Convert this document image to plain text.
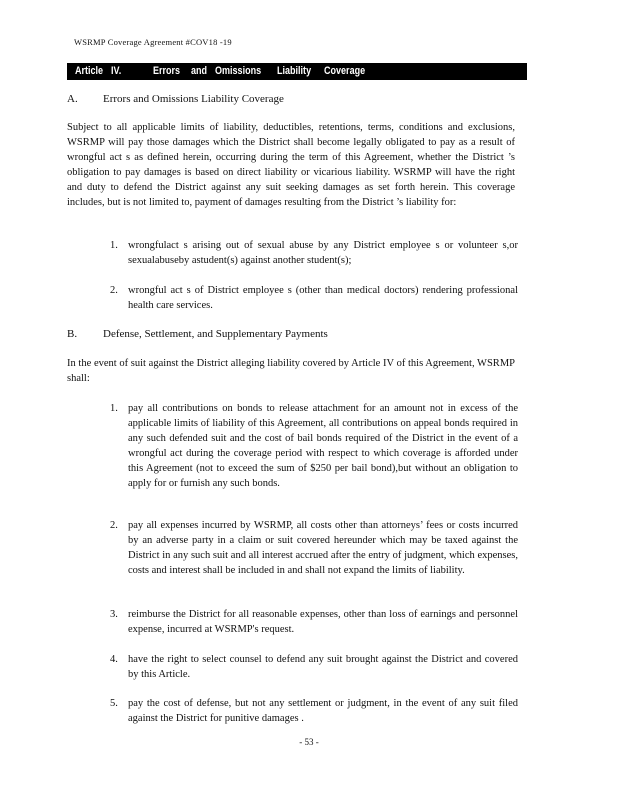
WSRMP Coverage Agreement #COV18 -19

Article

IV.

	Errors

and

Omissions

Liability

Coverage

A. Errors and Omissions Liability Coverage
Subject to all applicable limits of liability, deductibles, retentions, terms, conditions and exclusions, WSRMP will pay those damages which the District shall become legally obligated to pay as a result of wrongful act s as defined herein, occurring during the term of this Agreement, whether the District ’s obligation to pay damages is based on direct liability or vicarious liability. WSRMP will have the right and duty to defend the District against any suit seeking damages as set forth herein. This coverage includes, but is not limited to, payment of damages resulting from the District ’s liability for:
1. wrongfulact s arising out of sexual abuse by any District employee s or volunteer s,or sexualabuseby astudent(s) against another student(s);
2. wrongful act s of District employee s (other than medical doctors) rendering professional health care services.
B. Defense, Settlement, and Supplementary Payments
In the event of suit against the District alleging liability covered by Article IV of this Agreement, WSRMP shall:
1. pay all contributions on bonds to release attachment for an amount not in excess of the applicable limits of liability of this Agreement, all contributions on appeal bonds required in any such defended suit and the cost of bail bonds required of the District in the event of a wrongful act during the coverage period with respect to which coverage is afforded under this Agreement (not to exceed the sum of $250 per bail bond),but without an obligation to apply for or furnish any such bonds.
2. pay all expenses incurred by WSRMP, all costs other than attorneys’ fees or costs incurred by an adverse party in a claim or suit covered hereunder which may be taxed against the District in any such suit and all interest accrued after the entry of judgment, which expenses, costs and interest shall be included in and shall not expand the limits of liability.
3. reimburse the District for all reasonable expenses, other than loss of earnings and personnel expense, incurred at WSRMP's request.
4. have the right to select counsel to defend any suit brought against the District and covered by this Article.
5. pay the cost of defense, but not any settlement or judgment, in the event of any suit filed against the District for punitive damages .
- 53 -
